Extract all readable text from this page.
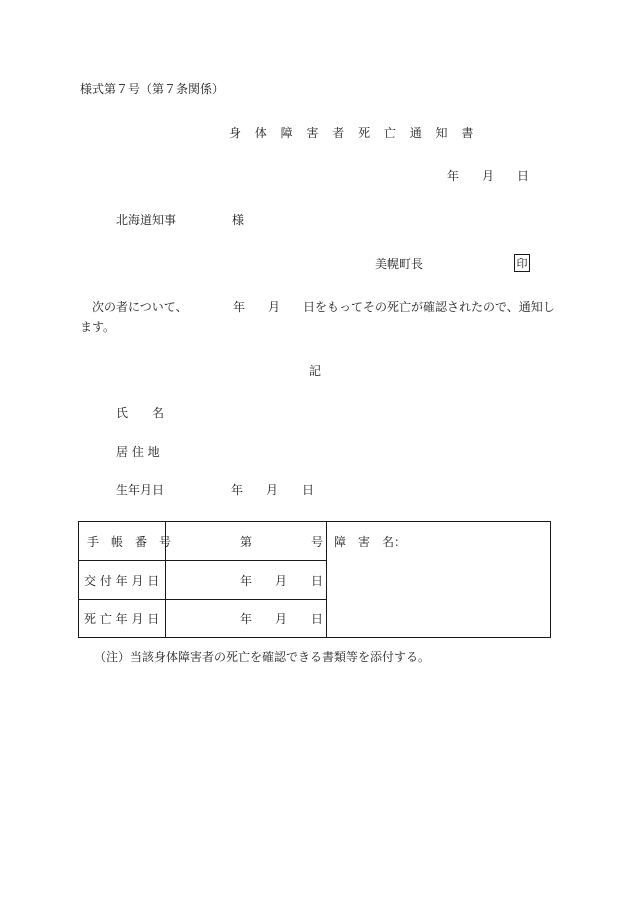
様式第７号（第７条関係）
身 体 障 害 者 死 亡 通 知 書
年 月 日
北海道知事	様
美幌町長	印
次の者について、	年 月 日をもってその死亡が確認されたので、通知し
ます。
記
氏　　名
居 住 地
生年月日	年 月 日
手　帳　番　号	第	号
交 付 年 月 日	年 月 日
死 亡 年 月 日	年 月 日
障　害　名：
（注）当該身体障害者の死亡を確認できる書類等を添付する。
